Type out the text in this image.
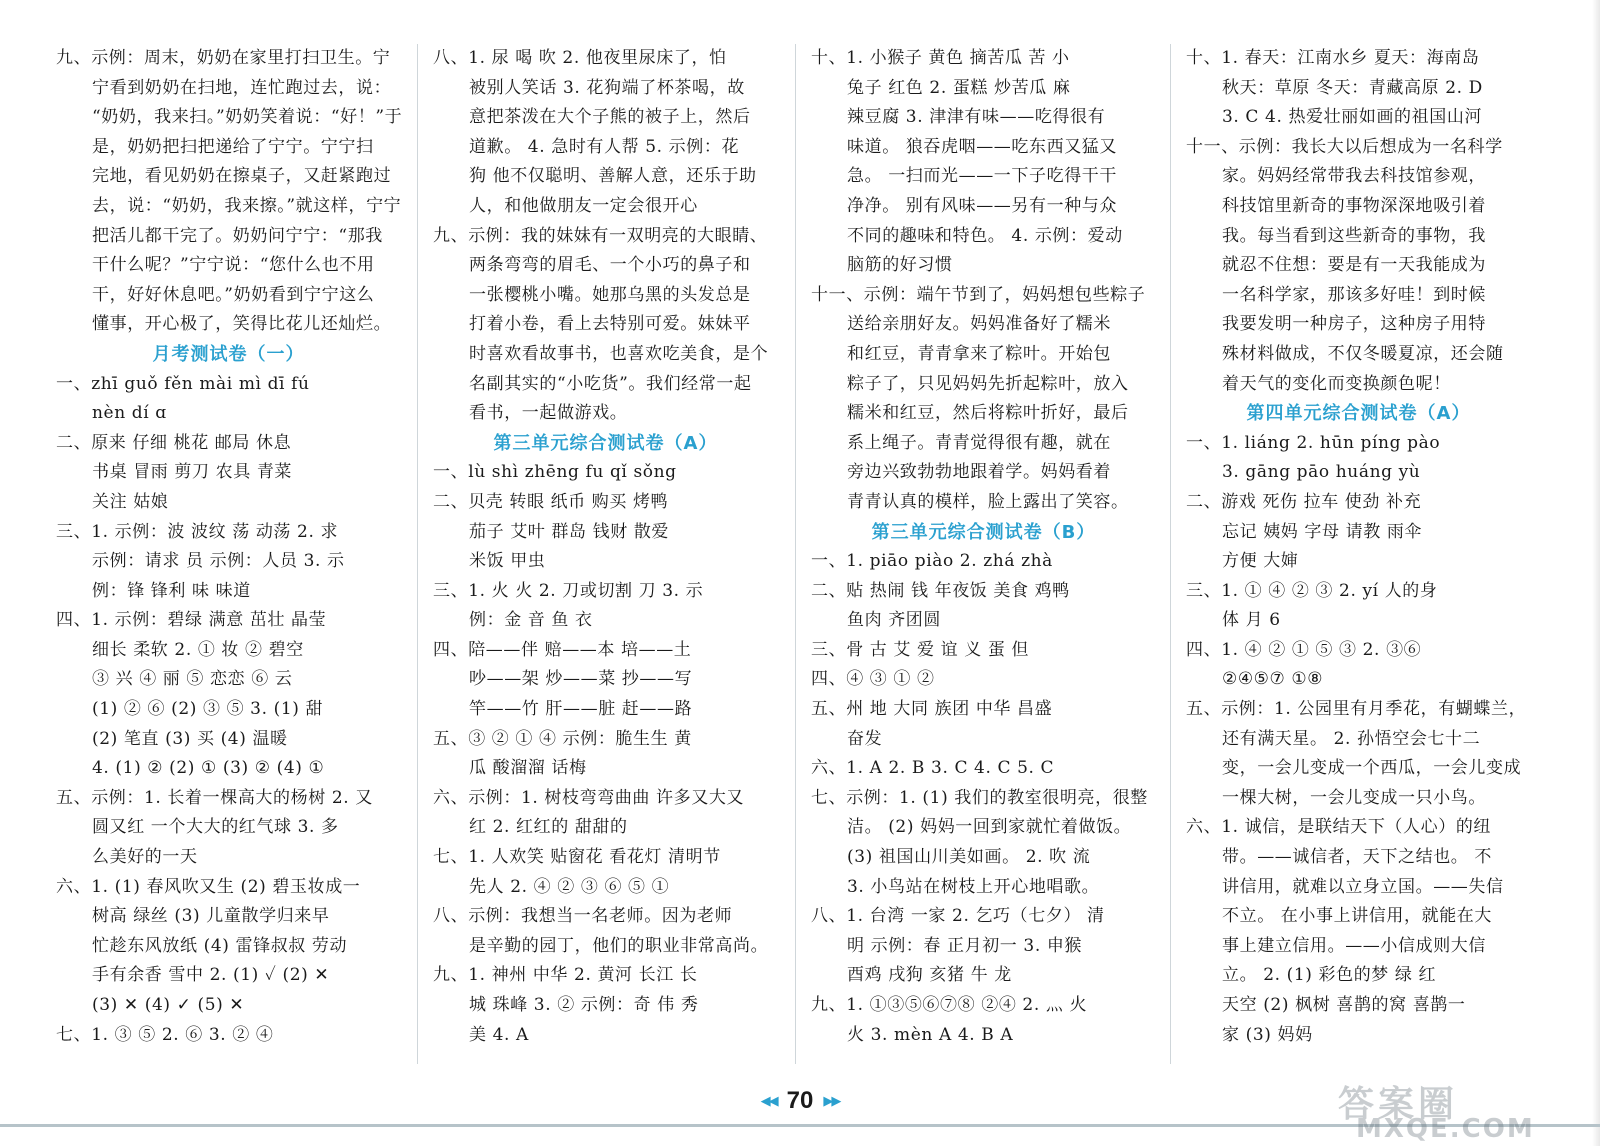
九、示例：周末，奶奶在家里打扫卫生。宁
宁看到奶奶在扫地，连忙跑过去，说：
“奶奶，我来扫。”奶奶笑着说：“好！”于
是，奶奶把扫把递给了宁宁。宁宁扫
完地，看见奶奶在擦桌子，又赶紧跑过
去，说：“奶奶，我来擦。”就这样，宁宁
把活儿都干完了。奶奶问宁宁：“那我
干什么呢？”宁宁说：“您什么也不用
干，好好休息吧。”奶奶看到宁宁这么
懂事，开心极了，笑得比花儿还灿烂。
月考测试卷（一）
一、zhī guǒ fěn mài mì dī fú
nèn dí ɑ
二、原来 仔细 桃花 邮局 休息
书桌 冒雨 剪刀 农具 青菜
关注 姑娘
三、1. 示例：波 波纹 荡 动荡 2. 求
示例：请求 员 示例：人员 3. 示
例：锋 锋利 味 味道
四、1. 示例：碧绿 满意 茁壮 晶莹
细长 柔软 2. ① 妆 ② 碧空
③ 兴 ④ 丽 ⑤ 恋恋 ⑥ 云
(1) ② ⑥ (2) ③ ⑤ 3. (1) 甜
(2) 笔直 (3) 买 (4) 温暖
4. (1) ② (2) ① (3) ② (4) ①
五、示例：1. 长着一棵高大的杨树 2. 又
圆又红 一个大大的红气球 3. 多
么美好的一天
六、1. (1) 春风吹又生 (2) 碧玉妆成一
树高 绿丝 (3) 儿童散学归来早
忙趁东风放纸 (4) 雷锋叔叔 劳动
手有余香 雪中 2. (1) ✓ (2) ✕
(3) ✕ (4) ✓ (5) ✕
七、1. ③ ⑤ 2. ⑥ 3. ② ④
八、1. 尿 喝 吹 2. 他夜里尿床了，怕
被别人笑话 3. 花狗端了杯茶喝，故
意把茶泼在大个子熊的被子上，然后
道歉。 4. 急时有人帮 5. 示例：花
狗 他不仅聪明、善解人意，还乐于助
人，和他做朋友一定会很开心
九、示例：我的妹妹有一双明亮的大眼睛、
两条弯弯的眉毛、一个小巧的鼻子和
一张樱桃小嘴。她那乌黑的头发总是
打着小卷，看上去特别可爱。妹妹平
时喜欢看故事书，也喜欢吃美食，是个
名副其实的“小吃货”。我们经常一起
看书，一起做游戏。
第三单元综合测试卷（A）
一、lù shì zhēng fu qǐ sǒng
二、贝壳 转眼 纸币 购买 烤鸭
茄子 艾叶 群岛 钱财 散爱
米饭 甲虫
三、1. 火 火 2. 刀或切割 刀 3. 示
例：金 音 鱼 衣
四、陪——伴 赔——本 培——土
吵——架 炒——菜 抄——写
竿——竹 肝——脏 赶——路
五、③ ② ① ④ 示例：脆生生 黄
瓜 酸溜溜 话梅
六、示例：1. 树枝弯弯曲曲 许多又大又
红 2. 红红的 甜甜的
七、1. 人欢笑 贴窗花 看花灯 清明节
先人 2. ④ ② ③ ⑥ ⑤ ①
八、示例：我想当一名老师。因为老师
是辛勤的园丁，他们的职业非常高尚。
九、1. 神州 中华 2. 黄河 长江 长
城 珠峰 3. ② 示例：奇 伟 秀
美 4. A
十、1. 小猴子 黄色 摘苦瓜 苦 小
兔子 红色 2. 蛋糕 炒苦瓜 麻
辣豆腐 3. 津津有味——吃得很有
味道。 狼吞虎咽——吃东西又猛又
急。 一扫而光——一下子吃得干干
净净。 别有风味——另有一种与众
不同的趣味和特色。 4. 示例：爱动
脑筋的好习惯
十一、示例：端午节到了，妈妈想包些粽子
送给亲朋好友。妈妈准备好了糯米
和红豆，青青拿来了粽叶。开始包
粽子了，只见妈妈先折起粽叶，放入
糯米和红豆，然后将粽叶折好，最后
系上绳子。青青觉得很有趣，就在
旁边兴致勃勃地跟着学。妈妈看着
青青认真的模样，脸上露出了笑容。
第三单元综合测试卷（B）
一、1. piāo piào 2. zhá zhà
二、贴 热闹 钱 年夜饭 美食 鸡鸭
鱼肉 齐团圆
三、骨 古 艾 爱 谊 义 蛋 但
四、④ ③ ① ②
五、州 地 大同 族团 中华 昌盛
奋发
六、1. A 2. B 3. C 4. C 5. C
七、示例：1. (1) 我们的教室很明亮，很整
洁。 (2) 妈妈一回到家就忙着做饭。
(3) 祖国山川美如画。 2. 吹 流
3. 小鸟站在树枝上开心地唱歌。
八、1. 台湾 一家 2. 乞巧（七夕） 清
明 示例：春 正月初一 3. 申猴
酉鸡 戌狗 亥猪 牛 龙
九、1. ①③⑤⑥⑦⑧ ②④ 2. 灬 火
火 3. mèn A 4. B A
十、1. 春天：江南水乡 夏天：海南岛
秋天：草原 冬天：青藏高原 2. D
3. C 4. 热爱壮丽如画的祖国山河
十一、示例：我长大以后想成为一名科学
家。妈妈经常带我去科技馆参观，
科技馆里新奇的事物深深地吸引着
我。每当看到这些新奇的事物，我
就忍不住想：要是有一天我能成为
一名科学家，那该多好哇！到时候
我要发明一种房子，这种房子用特
殊材料做成，不仅冬暖夏凉，还会随
着天气的变化而变换颜色呢！
第四单元综合测试卷（A）
一、1. liáng 2. hūn píng pào
3. gāng pāo huáng yù
二、游戏 死伤 拉车 使劲 补充
忘记 姨妈 字母 请教 雨伞
方便 大婶
三、1. ① ④ ② ③ 2. yí 人的身
体 月 6
四、1. ④ ② ① ⑤ ③ 2. ③⑥
②④⑤⑦ ①⑧
五、示例：1. 公园里有月季花，有蝴蝶兰，
还有满天星。 2. 孙悟空会七十二
变，一会儿变成一个西瓜，一会儿变成
一棵大树，一会儿变成一只小鸟。
六、1. 诚信，是联结天下（人心）的纽
带。——诚信者，天下之结也。 不
讲信用，就难以立身立国。——失信
不立。 在小事上讲信用，就能在大
事上建立信用。——小信成则大信
立。 2. (1) 彩色的梦 绿 红
天空 (2) 枫树 喜鹊的窝 喜鹊一
家 (3) 妈妈
◀◀ 70 ▶▶	答案圈
MXQE.COM
